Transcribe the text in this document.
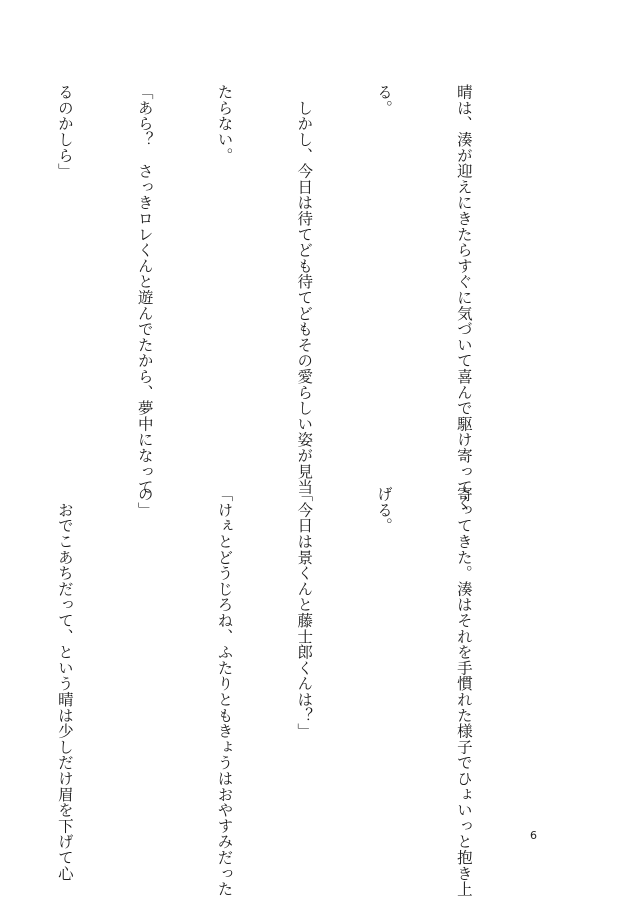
晴は、湊が迎えにきたらすぐに気づいて喜んで駆け寄ってく

る。

　しかし、今日は待てども待てどもその愛らしい姿が見当

たらない。

「あら？　さっきロレくんと遊んでたから、夢中になって

るのかしら」

寄ってきた。湊はそれを手慣れた様子でひょいっと抱き上

げる。

「今日は景くんと藤士郎くんは？」

「けぇとどうじろね、ふたりともきょうはおやすみだった

の」

　おでこあちだって、という晴は少しだけ眉を下げて心

	6
